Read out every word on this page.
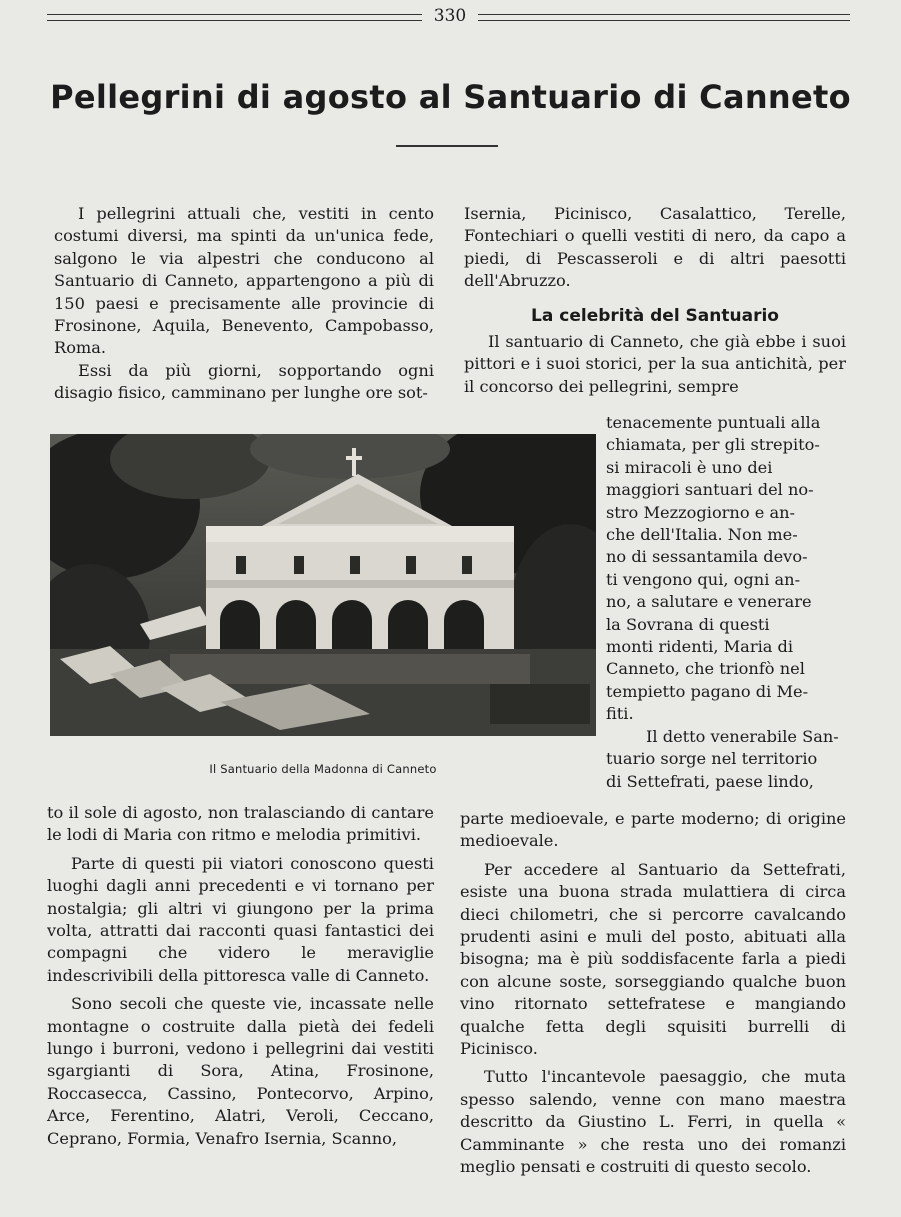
330
Pellegrini di agosto al Santuario di Canneto

I pellegrini attuali che, vestiti in cento costumi diversi, ma spinti da un'unica fede, salgono le via alpestri che conducono al Santuario di Canneto, appartengono a più di 150 paesi e precisamente alle provincie di Frosinone, Aquila, Benevento, Campobasso, Roma.

Essi da più giorni, sopportando ogni disagio fisico, camminano per lunghe ore sot-

Isernia, Picinisco, Casalattico, Terelle, Fontechiari o quelli vestiti di nero, da capo a piedi, di Pescasseroli e di altri paesotti dell'Abruzzo.

La celebrità del Santuario

Il santuario di Canneto, che già ebbe i suoi pittori e i suoi storici, per la sua antichità, per il concorso dei pellegrini, sempre

tenacemente puntuali alla

chiamata, per gli strepito-

si miracoli è uno dei

maggiori santuari del no-

stro Mezzogiorno e an-

che dell'Italia. Non me-

no di sessantamila devo-

ti vengono qui, ogni an-

no, a salutare e venerare

la Sovrana di questi

monti ridenti, Maria di

Canneto, che trionfò nel

tempietto pagano di Me-

fiti.

Il detto venerabile San-

tuario sorge nel territorio

di Settefrati, paese lindo,

Il Santuario della Madonna di Canneto

to il sole di agosto, non tralasciando di cantare le lodi di Maria con ritmo e melodia primitivi.

Parte di questi pii viatori conoscono questi luoghi dagli anni precedenti e vi tornano per nostalgia; gli altri vi giungono per la prima volta, attratti dai racconti quasi fantastici dei compagni che videro le meraviglie indescrivibili della pittoresca valle di Canneto.

Sono secoli che queste vie, incassate nelle montagne o costruite dalla pietà dei fedeli lungo i burroni, vedono i pellegrini dai vestiti sgargianti di Sora, Atina, Frosinone, Roccasecca, Cassino, Pontecorvo, Arpino, Arce, Ferentino, Alatri, Veroli, Ceccano, Ceprano, Formia, Venafro Isernia, Scanno,

parte medioevale, e parte moderno; di origine medioevale.

Per accedere al Santuario da Settefrati, esiste una buona strada mulattiera di circa dieci chilometri, che si percorre cavalcando prudenti asini e muli del posto, abituati alla bisogna; ma è più soddisfacente farla a piedi con alcune soste, sorseggiando qualche buon vino ritornato settefratese e mangiando qualche fetta degli squisiti burrelli di Picinisco.

Tutto l'incantevole paesaggio, che muta spesso salendo, venne con mano maestra descritto da Giustino L. Ferri, in quella « Camminante » che resta uno dei romanzi meglio pensati e costruiti di questo secolo.
